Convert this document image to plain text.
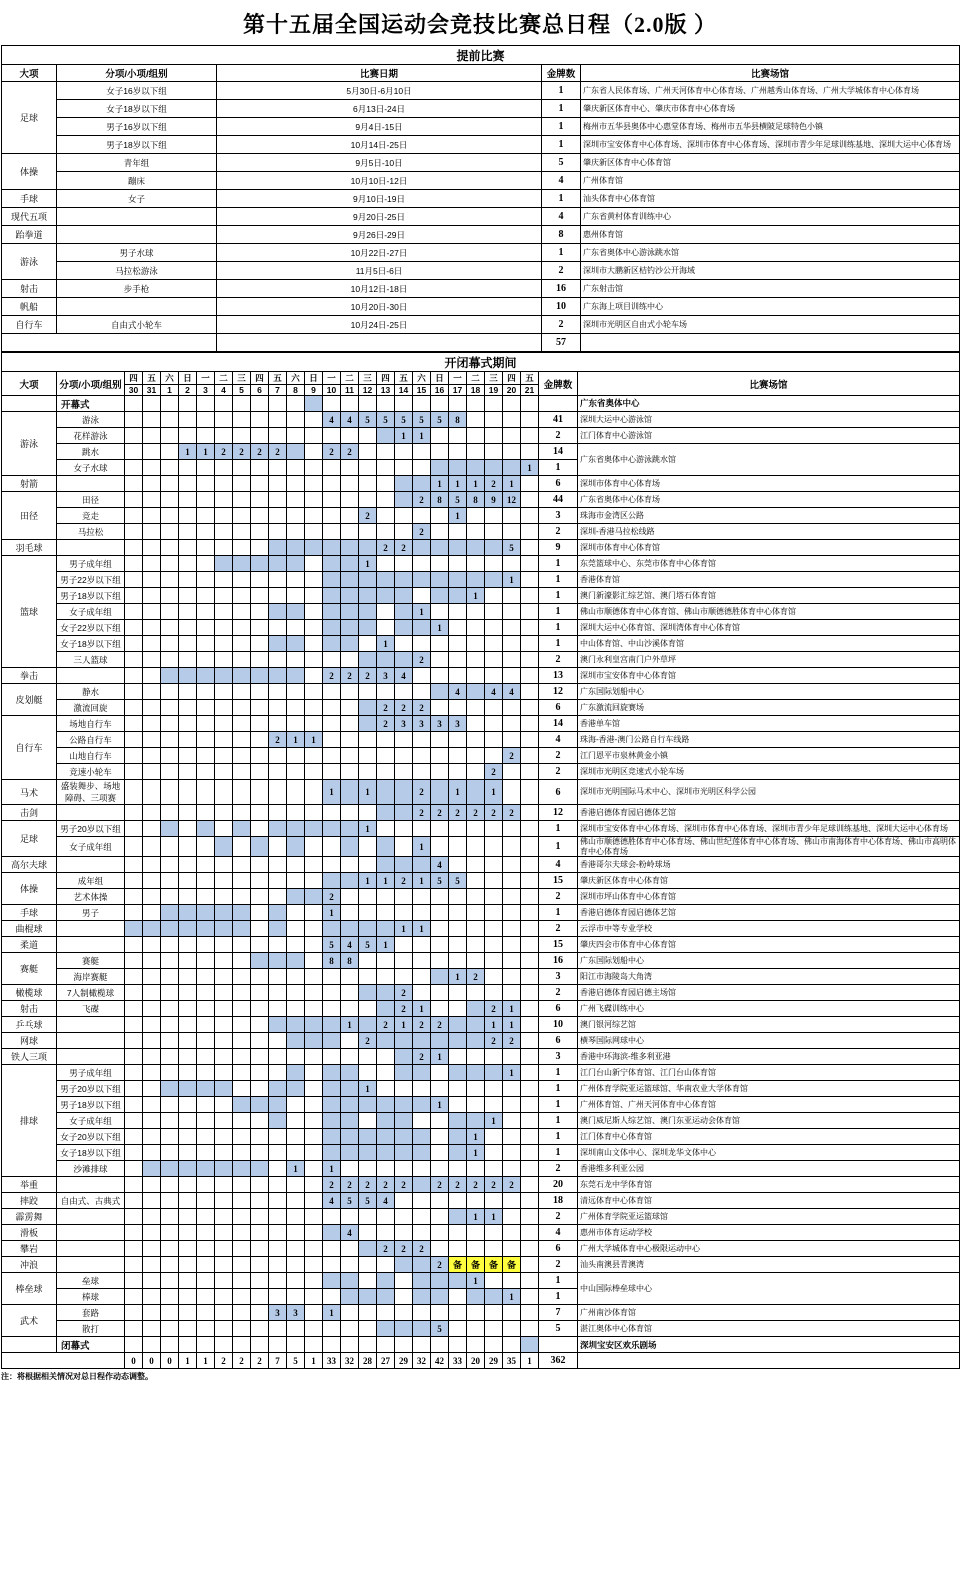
第十五届全国运动会竞技比赛总日程（2.0版 ）
提前比赛				
大项	分项/小项/组别	比赛日期	金牌数	比赛场馆
足球	女子16岁以下组	5月30日-6月10日	1	广东省人民体育场、广州天河体育中心体育场、广州越秀山体育场、广州大学城体育中心体育场
	女子18岁以下组	6月13日-24日	1	肇庆新区体育中心、肇庆市体育中心体育场
	男子16岁以下组	9月4日-15日	1	梅州市五华县奥体中心惠堂体育场、梅州市五华县横陂足球特色小镇
	男子18岁以下组	10月14日-25日	1	深圳市宝安体育中心体育场、深圳市体育中心体育场、深圳市青少年足球训练基地、深圳大运中心体育场
体操	青年组	9月5日-10日	5	肇庆新区体育中心体育馆
	蹦床	10月10日-12日	4	广州体育馆
手球	女子	9月10日-19日	1	汕头体育中心体育馆
现代五项		9月20日-25日	4	广东省黄村体育训练中心
跆拳道		9月26日-29日	8	惠州体育馆
游泳	男子水球	10月22日-27日	1	广东省奥体中心游泳跳水馆
	马拉松游泳	11月5日-6日	2	深圳市大鹏新区桔钓沙公开海域
射击	步手枪	10月12日-18日	16	广东射击馆
帆船		10月20日-30日	10	广东海上项目训练中心
自行车	自由式小轮车	10月24日-25日	2	深圳市光明区自由式小轮车场
			57	
开闭幕式期间																										
大项	分项/小项/组别	四	五	六	日	一	二	三	四	五	六	日	一	二	三	四	五	六	日	一	二	三	四	五	金牌数	比赛场馆
		30	31	1	2	3	4	5	6	7	8	9	10	11	12	13	14	15	16	17	18	19	20	21		
	开幕式																									广东省奥体中心
游泳	游泳												4	4	5	5	5	5	5	8					41	深圳大运中心游泳馆
	花样游泳																1	1							2	江门体育中心游泳馆
	跳水				1	1	2	2	2	2			2	2											14	广东省奥体中心游泳跳水馆
	女子水球																							1	1	
射箭																			1	1	1	2	1		6	深圳市体育中心体育场
田径	田径																	2	8	5	8	9	12		44	广东省奥体中心体育场
	竞走														2					1					3	珠海市金湾区公路
	马拉松																	2							2	深圳-香港马拉松线路
羽毛球																2	2						5		9	深圳市体育中心体育馆
篮球	男子成年组														1										1	东莞篮球中心、东莞市体育中心体育馆
	男子22岁以下组																						1		1	香港体育馆
	男子18岁以下组																				1				1	澳门新濠影汇综艺馆、澳门塔石体育馆
	女子成年组																	1							1	佛山市顺德体育中心体育馆、佛山市顺德德胜体育中心体育馆
	女子22岁以下组																		1						1	深圳大运中心体育馆、深圳湾体育中心体育馆
	女子18岁以下组															1									1	中山体育馆、中山沙溪体育馆
	三人篮球																	2							2	澳门永利皇宫南门户外草坪
拳击													2	2	2	3	4								13	深圳市宝安体育中心体育馆
皮划艇	静水																			4		4	4		12	广东国际划船中心
	激流回旋															2	2	2							6	广东激流回旋赛场
自行车	场地自行车															2	3	3	3	3					14	香港单车馆
	公路自行车									2	1	1													4	珠海-香港-澳门公路自行车线路
	山地自行车																						2		2	江门恩平市泉林黄金小镇
	竞速小轮车																					2			2	深圳市光明区竞速式小轮车场
马术	盛装舞步、场地障碍、三项赛												1		1			2		1		1			6	深圳市光明国际马术中心、深圳市光明区科学公园
击剑																		2	2	2	2	2	2		12	香港启德体育园启德体艺馆
足球	男子20岁以下组														1										1	深圳市宝安体育中心体育场、深圳市体育中心体育场、深圳市青少年足球训练基地、深圳大运中心体育场
	女子成年组																	1							1	佛山市顺德德胜体育中心体育场、佛山世纪莲体育中心体育场、佛山市南海体育中心体育场、佛山市高明体育中心体育场
高尔夫球																			4						4	香港哥尔夫球会-粉岭球场
体操	成年组														1	1	2	1	5	5					15	肇庆新区体育中心体育馆
	艺术体操												2												2	深圳市坪山体育中心体育馆
手球	男子												1												1	香港启德体育园启德体艺馆
曲棍球																	1	1							2	云浮市中等专业学校
柔道													5	4	5	1									15	肇庆四会市体育中心体育馆
赛艇	赛艇												8	8											16	广东国际划船中心
	海岸赛艇																			1	2				3	阳江市海陵岛大角湾
橄榄球	7人制橄榄球																2								2	香港启德体育园启德主场馆
射击	飞碟																2	1				2	1		6	广州飞碟训练中心
乒乓球														1		2	1	2	2			1	1		10	澳门银河综艺馆
网球															2							2	2		6	横琴国际网球中心
铁人三项																		2	1						3	香港中环海滨-维多利亚港
排球	男子成年组																						1		1	江门台山新宁体育馆、江门台山体育馆
	男子20岁以下组														1										1	广州体育学院亚运篮球馆、华南农业大学体育馆
	男子18岁以下组																		1						1	广州体育馆、广州天河体育中心体育馆
	女子成年组																					1			1	澳门威尼斯人综艺馆、澳门东亚运动会体育馆
	女子20岁以下组																				1				1	江门体育中心体育馆
	女子18岁以下组																				1				1	深圳南山文体中心、深圳龙华文体中心
	沙滩排球										1		1												2	香港维多利亚公园
举重													2	2	2	2	2		2	2	2	2	2		20	东莞石龙中学体育馆
摔跤	自由式、古典式												4	5	5	4									18	清远体育中心体育馆
霹雳舞																					1	1			2	广州体育学院亚运篮球馆
滑板														4											4	惠州市体育运动学校
攀岩																2	2	2							6	广州大学城体育中心极限运动中心
冲浪																			2	备	备	备	备		2	汕头南澳县青澳湾
棒垒球	垒球																				1				1	中山国际棒垒球中心
	棒球																						1		1	
武术	套路									3	3		1												7	广州南沙体育馆
	散打																		5						5	湛江奥体中心体育馆
	闭幕式																									深圳宝安区欢乐剧场
		0	0	0	1	1	2	2	2	7	5	1	33	32	28	27	29	32	42	33	20	29	35	1	362	
注：将根据相关情况对总日程作动态调整。
